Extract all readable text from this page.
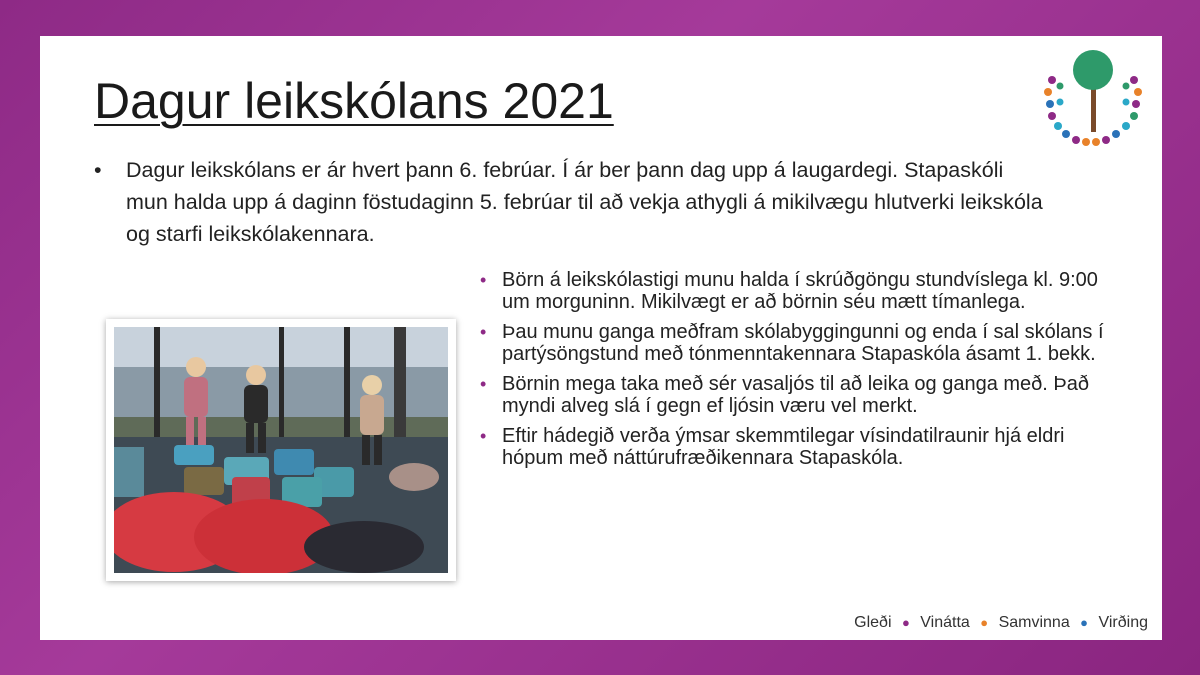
Dagur leikskólans 2021
• Dagur leikskólans er ár hvert þann 6. febrúar. Í ár ber þann dag upp á laugardegi. Stapaskóli mun halda upp á daginn föstudaginn 5. febrúar til að vekja athygli á mikilvægu hlutverki leikskóla og starfi leikskólakennara.

• Börn á leikskólastigi munu halda í skrúðgöngu stundvíslega kl. 9:00 um morguninn. Mikilvægt er að börnin séu mætt tímanlega.
• Þau munu ganga meðfram skólabyggingunni og enda í sal skólans í partýsöngstund með tónmenntakennara Stapaskóla ásamt 1. bekk.
• Börnin mega taka með sér vasaljós til að leika og ganga með. Það myndi alveg slá í gegn ef ljósin væru vel merkt.
• Eftir hádegið verða ýmsar skemmtilegar vísindatilraunir hjá eldri hópum með náttúrufræðikennara Stapaskóla.
Gleði ● Vinátta ● Samvinna ● Virðing
